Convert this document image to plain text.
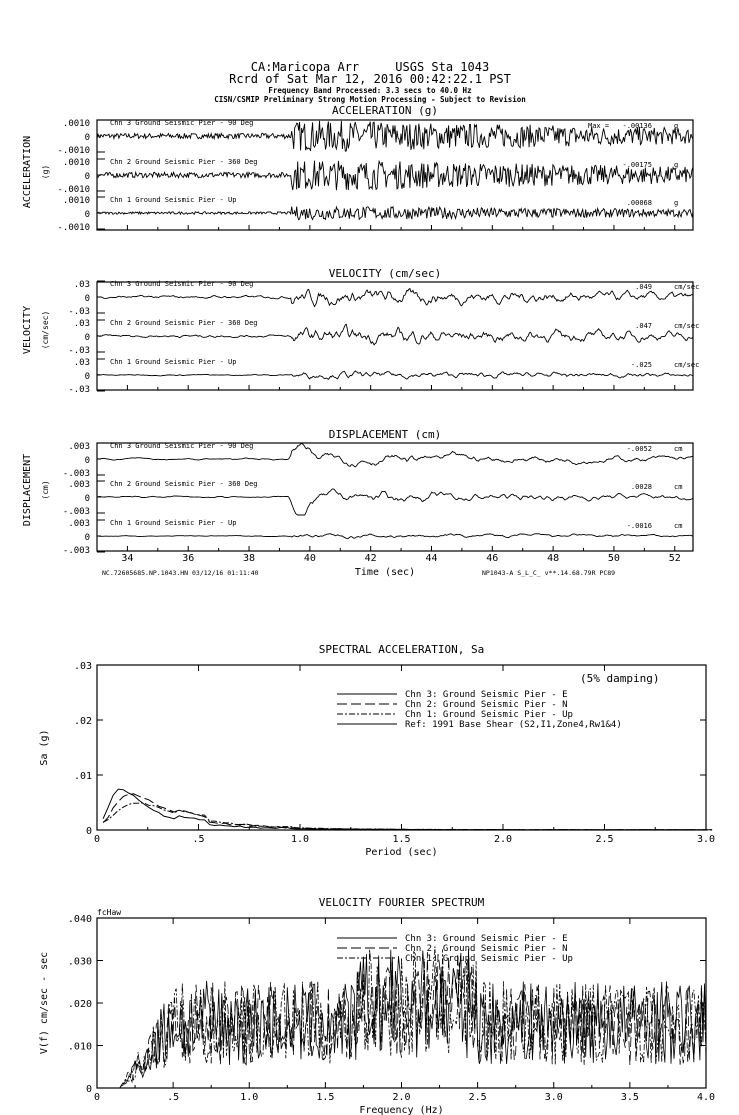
CA:Maricopa Arr     USGS Sta 1043
Rcrd of Sat Mar 12, 2016 00:42:22.1 PST
Frequency Band Processed: 3.3 secs to 40.0 Hz
CISN/CSMIP Preliminary Strong Motion Processing - Subject to Revision
ACCELERATION (g)
ACCELERATION (g)
.0010
0
-.0010
Chn 3 Ground Seismic Pier - 90 Deg	Max = -.00136	g
.0010
0
-.0010
Chn 2 Ground Seismic Pier - 360 Deg	-.00175	g
.0010
0
-.0010
Chn 1 Ground Seismic Pier - Up	.00068	g
VELOCITY (cm/sec)
VELOCITY (cm/sec)
.03
0
-.03
Chn 3 Ground Seismic Pier - 90 Deg	.049	cm/sec
.03
0
-.03
Chn 2 Ground Seismic Pier - 360 Deg	.047	cm/sec
.03
0
-.03
Chn 1 Ground Seismic Pier - Up	-.025	cm/sec
DISPLACEMENT (cm)
DISPLACEMENT (cm)
.003
0
-.003
Chn 3 Ground Seismic Pier - 90 Deg	-.0052	cm
.003
0
-.003
Chn 2 Ground Seismic Pier - 360 Deg	.0028	cm
.003
0
-.003
Chn 1 Ground Seismic Pier - Up	-.0016	cm
34	36	38	40	42	44	46	48	50	52
Time (sec)
NC.72605685.NP.1043.HN 03/12/16 01:11:40	NP1043-A S_L_C_ v**.14.68.79R PC89
SPECTRAL ACCELERATION, Sa
0	.5	1.0	1.5	2.0	2.5	3.0
0
.01
.02
.03
Period (sec)
Sa (g)
Chn 3: Ground Seismic Pier - E
Chn 2: Ground Seismic Pier - N
Chn 1: Ground Seismic Pier - Up
Ref: 1991 Base Shear (S2,I1,Zone4,Rw1&4)
(5% damping)
VELOCITY FOURIER SPECTRUM
0	.5	1.0	1.5	2.0	2.5	3.0	3.5	4.0
0
.010
.020
.030
.040
Frequency (Hz)
V(f) cm/sec - sec
Chn 3: Ground Seismic Pier - E
Chn 2: Ground Seismic Pier - N
Chn 1: Ground Seismic Pier - Up
fcHaw
